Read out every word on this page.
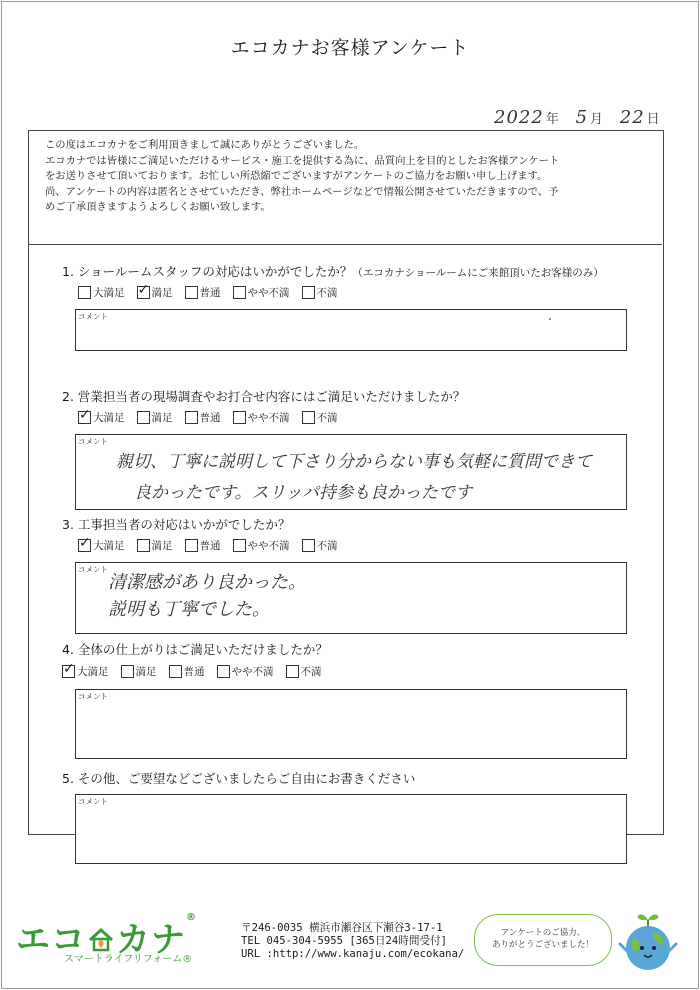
エコカナお客様アンケート
2022 年 5 月 22 日
この度はエコカナをご利用頂きまして誠にありがとうございました。
エコカナでは皆様にご満足いただけるサービス・施工を提供する為に、品質向上を目的としたお客様アンケート
をお送りさせて頂いております。お忙しい所恐縮でございますがアンケートのご協力をお願い申し上げます。
尚、アンケートの内容は匿名とさせていただき、弊社ホームページなどで情報公開させていただきますので、予
めご了承頂きますようよろしくお願い致します。
1. ショールームスタッフの対応はいかがでしたか？（エコカナショールームにご来館頂いたお客様のみ）
大満足
✓	満足	普通	やや不満	不満
コメント
2. 営業担当者の現場調査やお打合せ内容にはご満足いただけましたか？
✓
大満足	満足	普通	やや不満	不満
コメント
親切、丁寧に説明して下さり分からない事も気軽に質問できて
良かったです。スリッパ持参も良かったです
3. 工事担当者の対応はいかがでしたか？
✓
大満足	満足	普通	やや不満	不満
コメント
清潔感があり良かった。
説明も丁寧でした。
4. 全体の仕上がりはご満足いただけましたか？
✓
大満足	満足	普通	やや不満	不満
コメント
5. その他、ご要望などございましたらご自由にお書きください
コメント
エコ カナ®
スマートライフリフォーム®
〒246-0035 横浜市瀬谷区下瀬谷3-17-1
TEL 045-304-5955 [365日24時間受付]
URL :http://www.kanaju.com/ecokana/
アンケートのご協力、
ありがとうございました！
